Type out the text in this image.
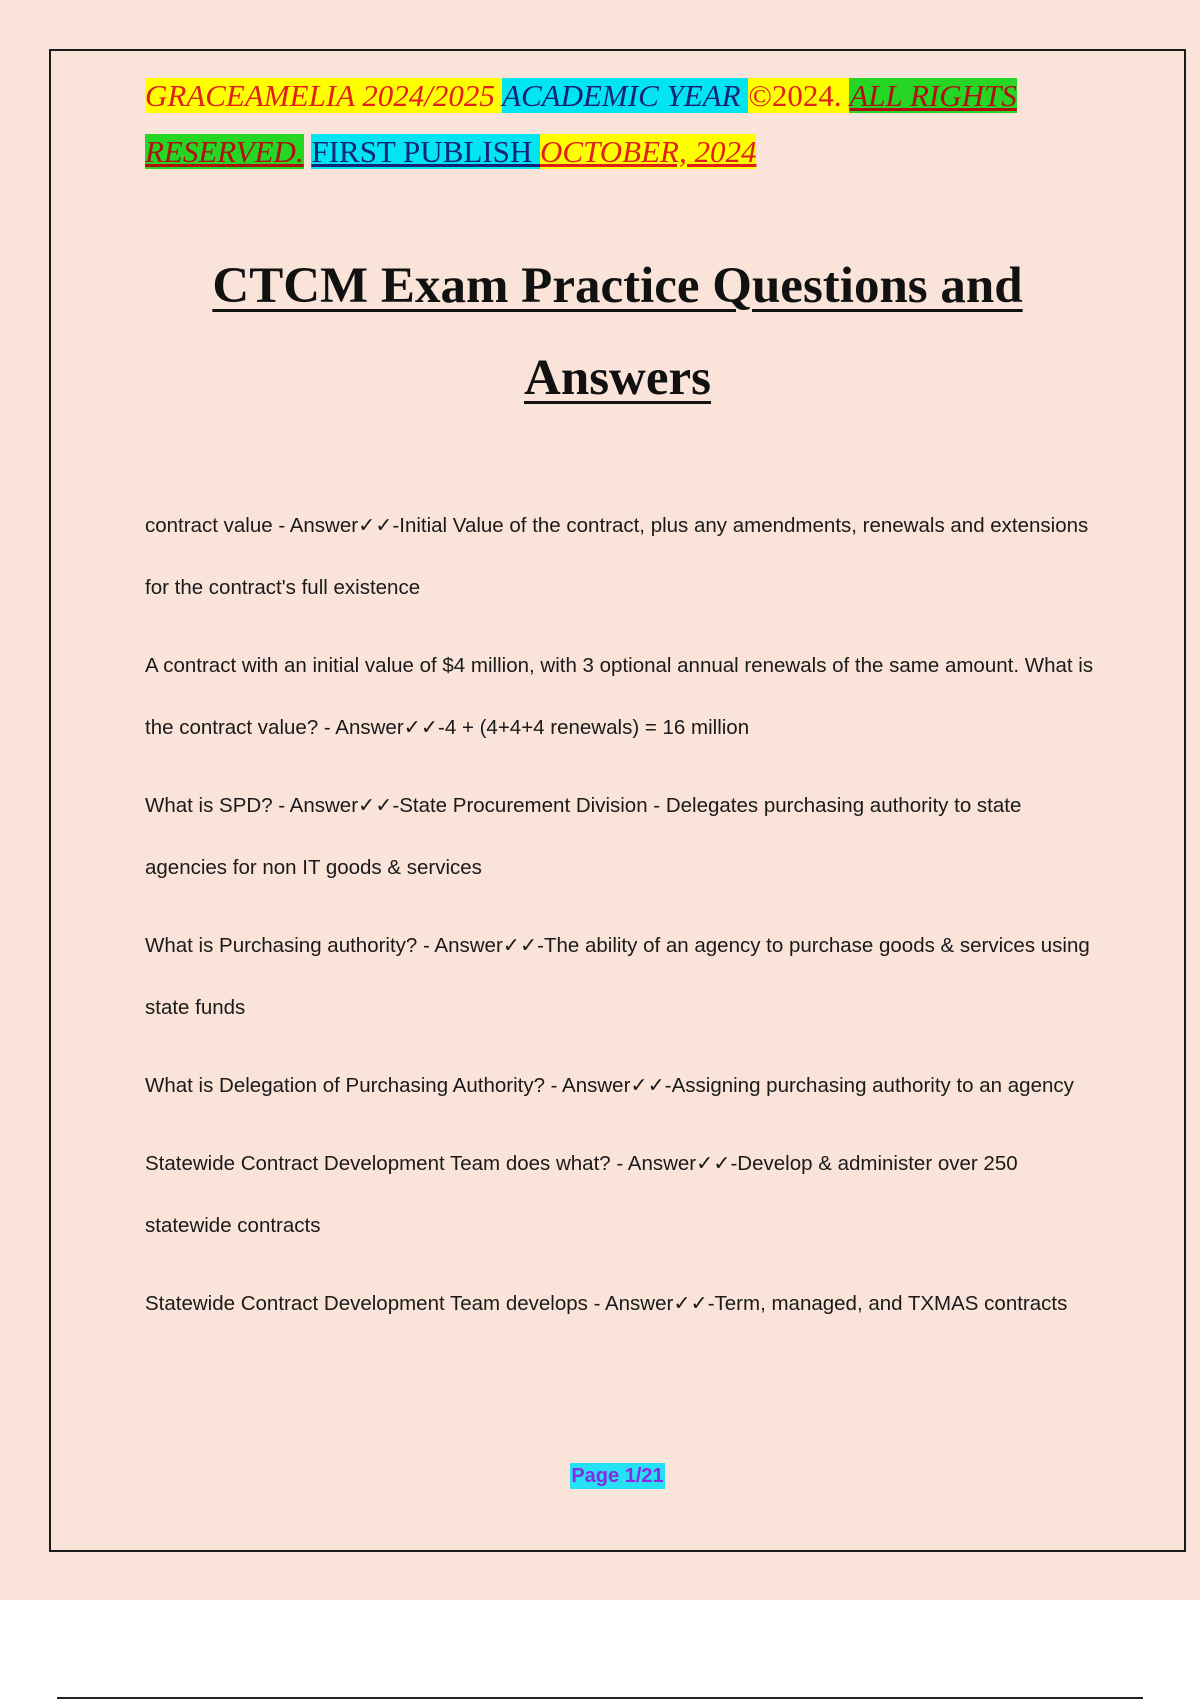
GRACEAMELIA 2024/2025 ACADEMIC YEAR ©2024. ALL RIGHTS RESERVED. FIRST PUBLISH OCTOBER, 2024
CTCM Exam Practice Questions and
Answers
contract value - Answer✓✓-Initial Value of the contract, plus any amendments, renewals and extensions for the contract's full existence
A contract with an initial value of $4 million, with 3 optional annual renewals of the same amount. What is the contract value? - Answer✓✓-4 + (4+4+4 renewals) = 16 million
What is SPD? - Answer✓✓-State Procurement Division - Delegates purchasing authority to state agencies for non IT goods & services
What is Purchasing authority? - Answer✓✓-The ability of an agency to purchase goods & services using state funds
What is Delegation of Purchasing Authority? - Answer✓✓-Assigning purchasing authority to an agency
Statewide Contract Development Team does what? - Answer✓✓-Develop & administer over 250 statewide contracts
Statewide Contract Development Team develops - Answer✓✓-Term, managed, and TXMAS contracts
Page 1/21
